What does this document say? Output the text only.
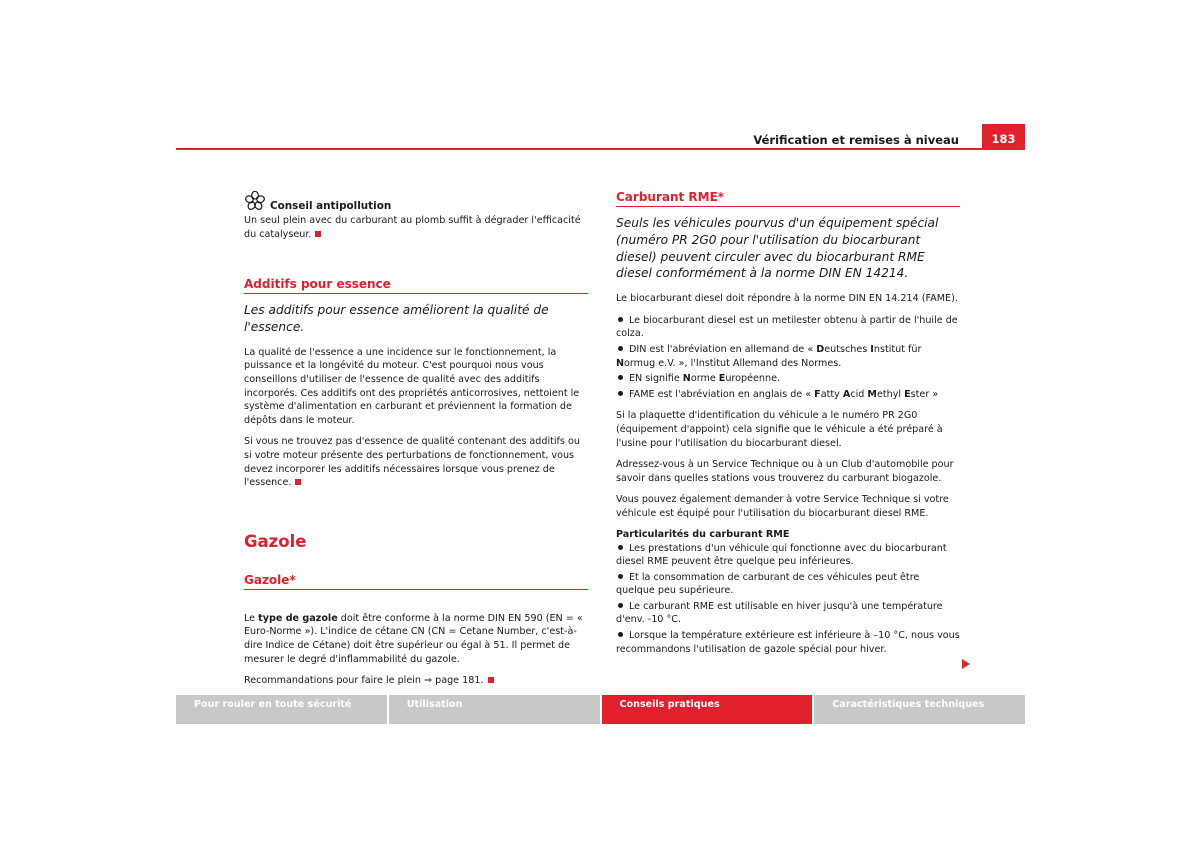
Vérification et remises à niveau	183
Conseil antipollution

Un seul plein avec du carburant au plomb suffit à dégrader l'efficacité du catalyseur.

Additifs pour essence
Les additifs pour essence améliorent la qualité de l'essence.

La qualité de l'essence a une incidence sur le fonctionnement, la puissance et la longévité du moteur. C'est pourquoi nous vous conseillons d'utiliser de l'essence de qualité avec des additifs incorporés. Ces additifs ont des propriétés anticorrosives, nettoient le système d'alimentation en carburant et préviennent la formation de dépôts dans le moteur.

Si vous ne trouvez pas d'essence de qualité contenant des additifs ou si votre moteur présente des perturbations de fonctionnement, vous devez incorporer les additifs nécessaires lorsque vous prenez de l'essence.

Gazole
Gazole*

Le type de gazole doit être conforme à la norme DIN EN 590 (EN = « Euro-Norme »). L'indice de cétane CN (CN = Cetane Number, c'est-à-dire Indice de Cétane) doit être supérieur ou égal à 51. Il permet de mesurer le degré d'inflammabilité du gazole.

Recommandations pour faire le plein ⇒ page 181.

Carburant RME*
Seuls les véhicules pourvus d'un équipement spécial (numéro PR 2G0 pour l'utilisation du biocarburant diesel) peuvent circuler avec du biocarburant RME diesel conformément à la norme DIN EN 14214.

Le biocarburant diesel doit répondre à la norme DIN EN 14.214 (FAME).

Le biocarburant diesel est un metilester obtenu à partir de l'huile de colza.
DIN est l'abréviation en allemand de « Deutsches Institut für Normug e.V. », l'Institut Allemand des Normes.
EN signifie Norme Européenne.
FAME est l'abréviation en anglais de « Fatty Acid Methyl Ester »

Si la plaquette d'identification du véhicule a le numéro PR 2G0 (équipement d'appoint) cela signifie que le véhicule a été préparé à l'usine pour l'utilisation du biocarburant diesel.

Adressez-vous à un Service Technique ou à un Club d'automobile pour savoir dans quelles stations vous trouverez du carburant biogazole.

Vous pouvez également demander à votre Service Technique si votre véhicule est équipé pour l'utilisation du biocarburant diesel RME.

Particularités du carburant RME
Les prestations d'un véhicule qui fonctionne avec du biocarburant diesel RME peuvent être quelque peu inférieures.
Et la consommation de carburant de ces véhicules peut être quelque peu supérieure.
Le carburant RME est utilisable en hiver jusqu'à une température d'env. -10 °C.
Lorsque la température extérieure est inférieure à –10 °C, nous vous recommandons l'utilisation de gazole spécial pour hiver.
Pour rouler en toute sécurité	Utilisation	Conseils pratiques	Caractéristiques techniques
